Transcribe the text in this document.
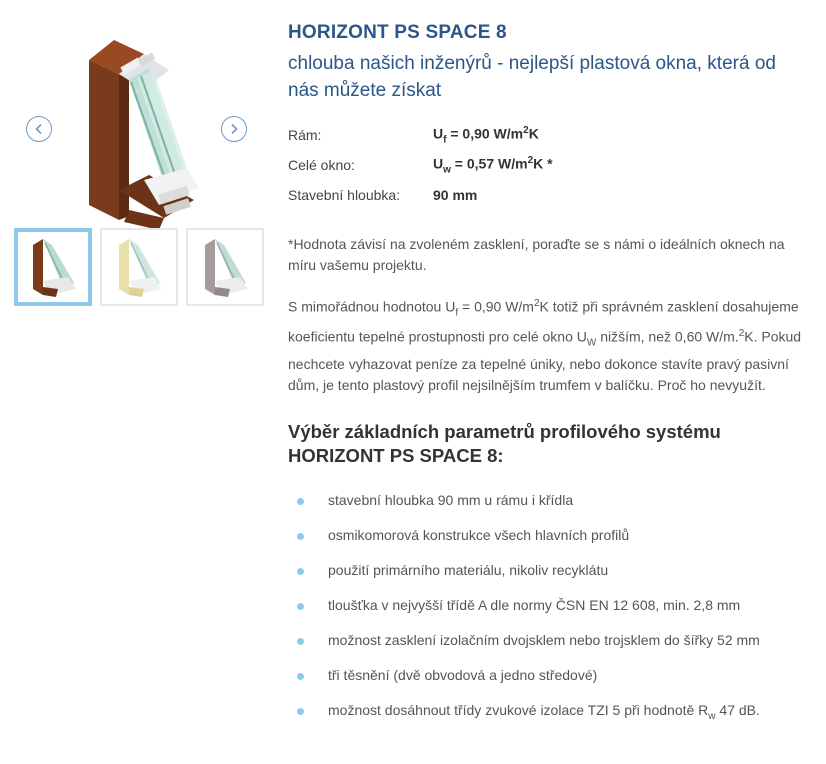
HORIZONT PS SPACE 8

chlouba našich inženýrů - nejlepší plastová okna, která od nás můžete získat

Rám:	$U_f = 0,90$ $W/m^2K$
Celé okno:	$U_w = 0,57$ $W/m^2K$ *
Stavební hloubka:	90 mm

*Hodnota závisí na zvoleném zasklení, poraďte se s námi o ideálních oknech na míru vašemu projektu.

S mimořádnou hodnotou $U_f = 0,90$ $W/m^2K$ totiž při správném zasklení dosahujeme koeficientu tepelné prostupnosti pro celé okno $U_W$ nižším, než 0,60 W/m.$^2$K. Pokud nechcete vyhazovat peníze za tepelné úniky, nebo dokonce stavíte pravý pasivní dům, je tento plastový profil nejsilnějším trumfem v balíčku. Proč ho nevyužít.

Výběr základních parametrů profilového systému HORIZONT PS SPACE 8:
stavební hloubka 90 mm u rámu i křídla
osmikomorová konstrukce všech hlavních profilů
použití primárního materiálu, nikoliv recyklátu
tloušťka v nejvyšší třídě A dle normy ČSN EN 12 608, min. 2,8 mm
možnost zasklení izolačním dvojsklem nebo trojsklem do šířky 52 mm
tři těsnění (dvě obvodová a jedno středové)
možnost dosáhnout třídy zvukové izolace TZI 5 při hodnotě $R_w$ 47 dB.
